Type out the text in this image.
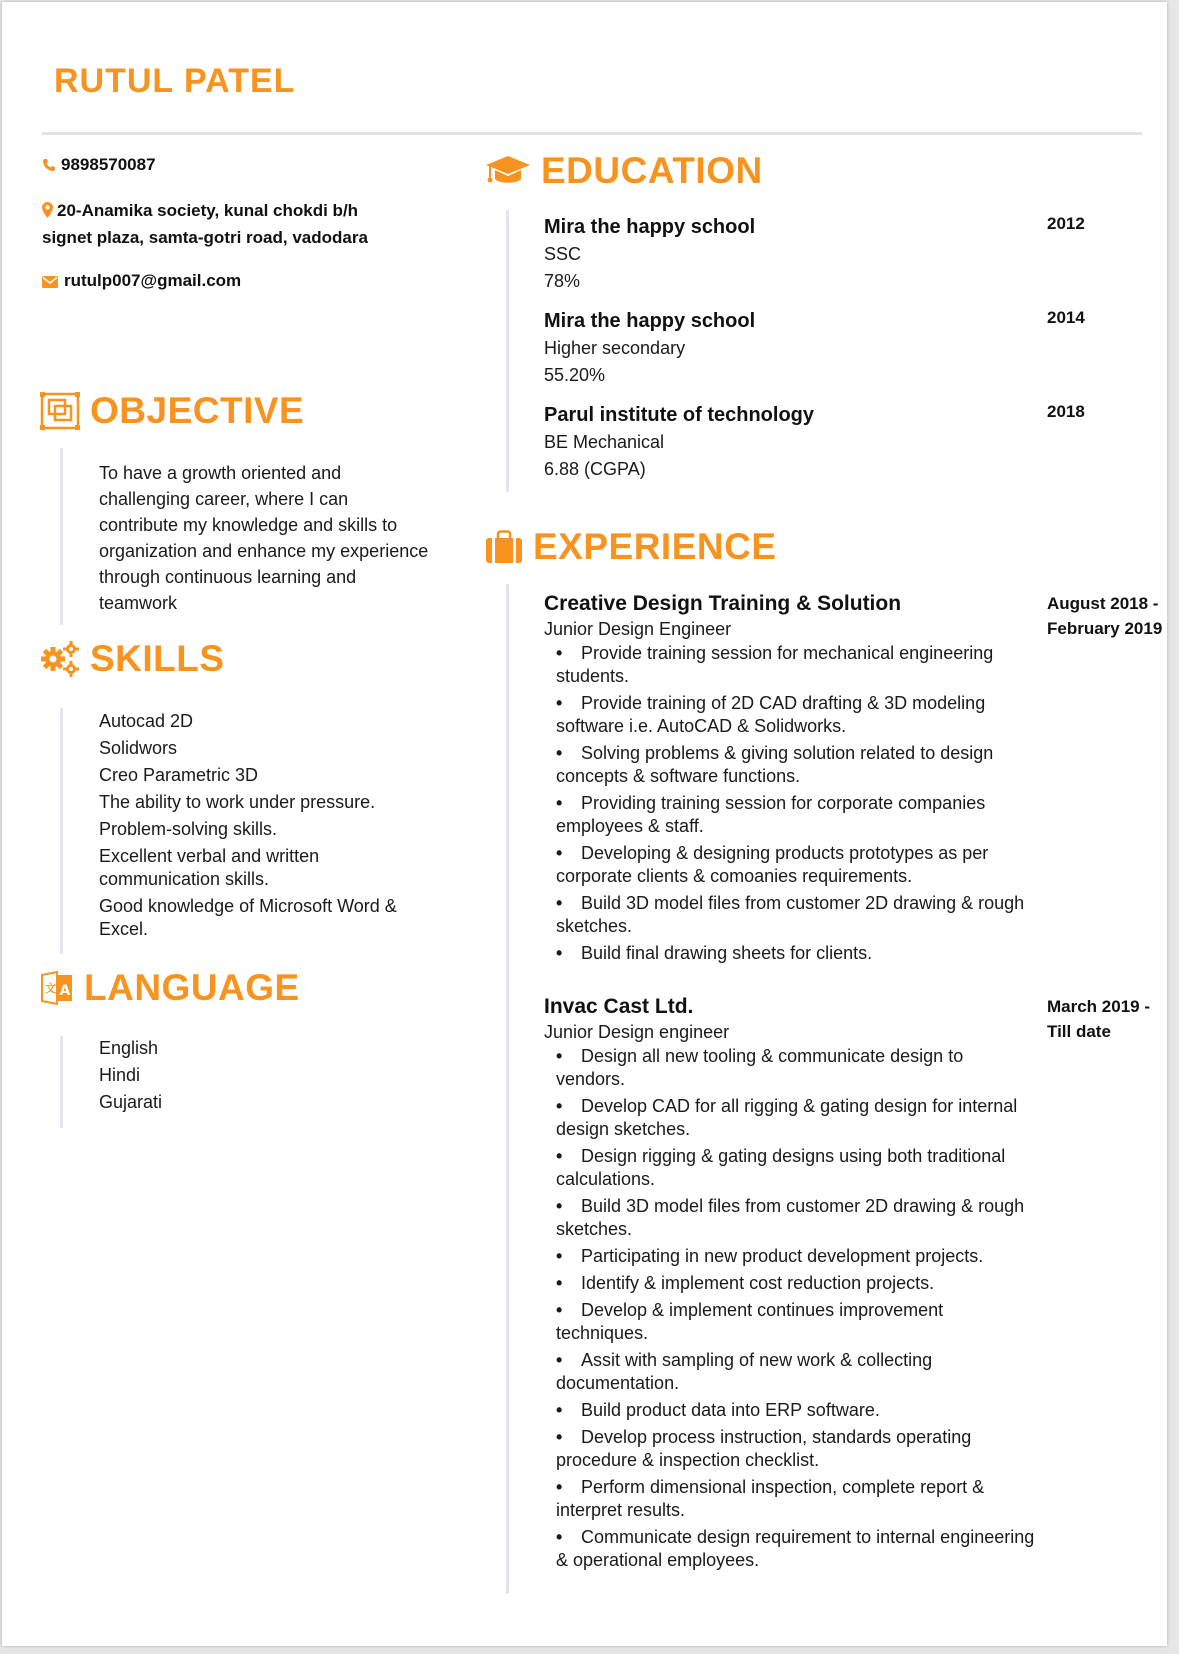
RUTUL PATEL
9898570087
20-Anamika society, kunal chokdi b/h
signet plaza, samta-gotri road, vadodara
rutulp007@gmail.com
OBJECTIVE
To have a growth oriented and
challenging career, where I can
contribute my knowledge and skills to
organization and enhance my experience
through continuous learning and
teamwork
SKILLS
Autocad 2D
Solidwors
Creo Parametric 3D
The ability to work under pressure.
Problem-solving skills.
Excellent verbal and written
communication skills.
Good knowledge of Microsoft Word &
Excel.
文 A LANGUAGE
English
Hindi
Gujarati
EDUCATION
Mira the happy school
SSC
78%
2012
Mira the happy school
Higher secondary
55.20%
2014
Parul institute of technology
BE Mechanical
6.88 (CGPA)
2018
EXPERIENCE
Creative Design Training & Solution
Junior Design Engineer
August 2018 -
February 2019
• Provide training session for mechanical engineering students.
• Provide training of 2D CAD drafting & 3D modeling software i.e. AutoCAD & Solidworks.
• Solving problems & giving solution related to design concepts & software functions.
• Providing training session for corporate companies employees & staff.
• Developing & designing products prototypes as per corporate clients & comoanies requirements.
• Build 3D model files from customer 2D drawing & rough sketches.
• Build final drawing sheets for clients.
Invac Cast Ltd.
Junior Design engineer
March 2019 -
Till date
• Design all new tooling & communicate design to vendors.
• Develop CAD for all rigging & gating design for internal design sketches.
• Design rigging & gating designs using both traditional calculations.
• Build 3D model files from customer 2D drawing & rough sketches.
• Participating in new product development projects.
• Identify & implement cost reduction projects.
• Develop & implement continues improvement techniques.
• Assit with sampling of new work & collecting documentation.
• Build product data into ERP software.
• Develop process instruction, standards operating procedure & inspection checklist.
• Perform dimensional inspection, complete report & interpret results.
• Communicate design requirement to internal engineering & operational employees.
